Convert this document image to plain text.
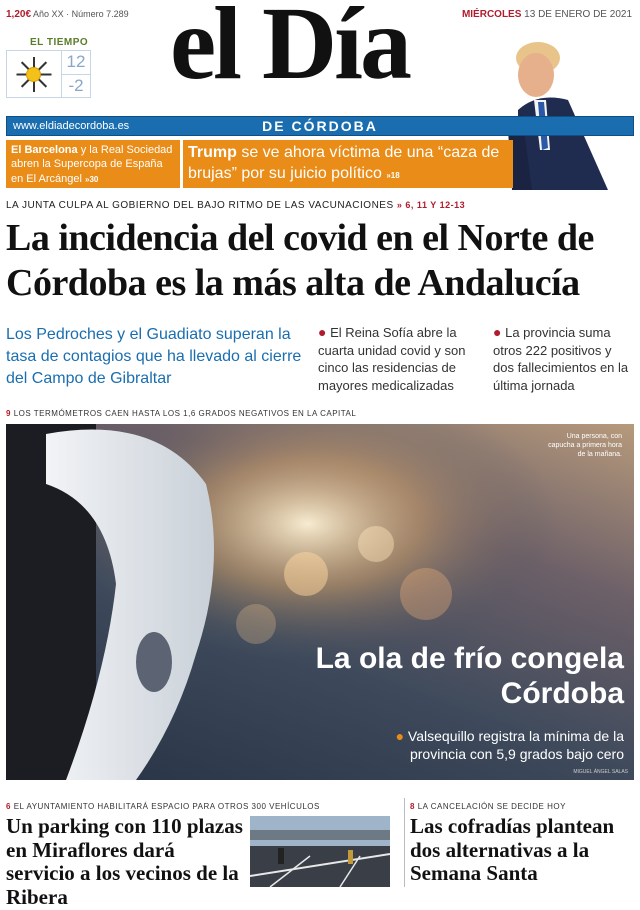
1,20€ Año XX · Número 7.289	MIÉRCOLES 13 DE ENERO DE 2021
EL TIEMPO
12
-2 el Día
www.eldiadecordoba.es	DE CÓRDOBA
El Barcelona y la Real Sociedad abren la Supercopa de España en El Arcángel »30
Trump se ve ahora víctima de una “caza de brujas” por su juicio político »18
LA JUNTA CULPA AL GOBIERNO DEL BAJO RITMO DE LAS VACUNACIONES » 6, 11 Y 12-13
La incidencia del covid en el Norte de Córdoba es la más alta de Andalucía
Los Pedroches y el Guadiato superan la tasa de contagios que ha llevado al cierre del Campo de Gibraltar
● El Reina Sofía abre la cuarta unidad covid y son cinco las residencias de mayores medicalizadas
● La provincia suma otros 222 positivos y dos fallecimientos en la última jornada
9 LOS TERMÓMETROS CAEN HASTA LOS 1,6 GRADOS NEGATIVOS EN LA CAPITAL
Una persona, con capucha a primera hora de la mañana.
La ola de frío congela Córdoba
● Valsequillo registra la mínima de la provincia con 5,9 grados bajo cero
MIGUEL ÁNGEL SALAS
6 EL AYUNTAMIENTO HABILITARÁ ESPACIO PARA OTROS 300 VEHÍCULOS
Un parking con 110 plazas en Miraflores dará servicio a los vecinos de la Ribera
8 LA CANCELACIÓN SE DECIDE HOY
Las cofradías plantean dos alternativas a la Semana Santa
